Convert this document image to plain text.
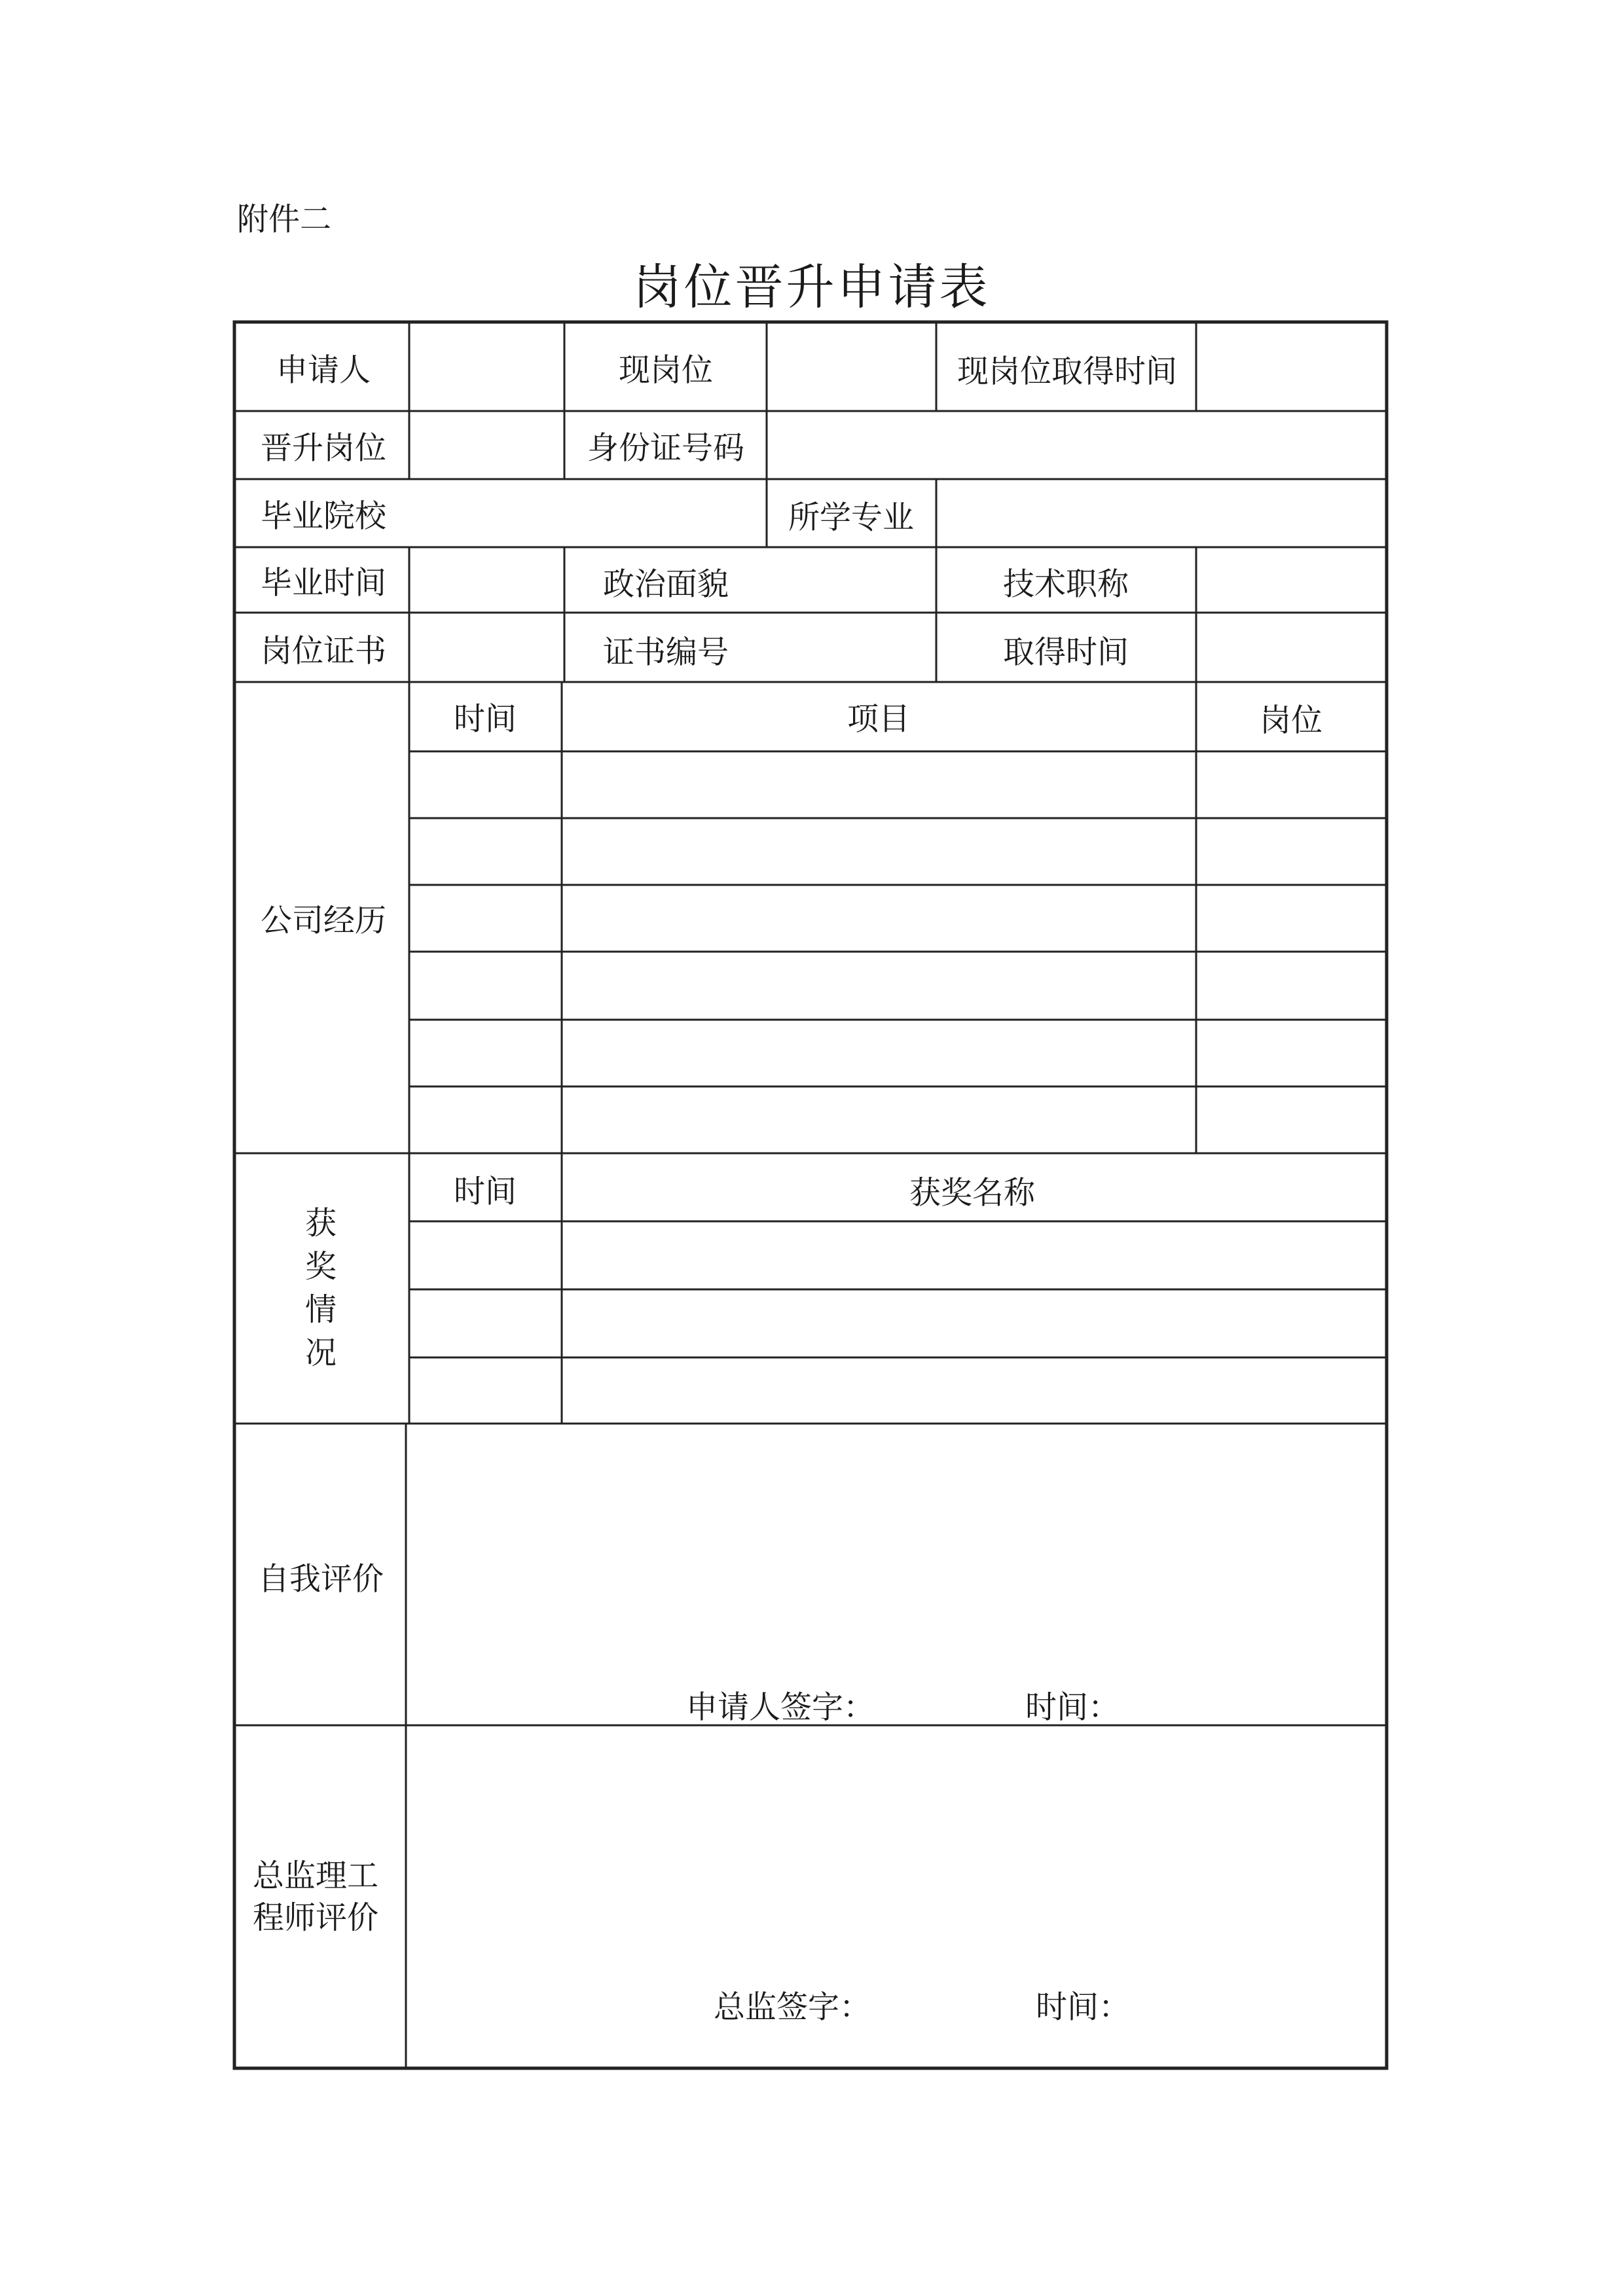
附件二
岗位晋升申请表
申请人	现岗位	现岗位取得时间
晋升岗位	身份证号码
毕业院校	所学专业
毕业时间	政治面貌	技术职称
岗位证书	证书编号	取得时间
公司经历
时间	项目	岗位
获
奖
情
况
时间	获奖名称
自我评价
申请人签字：	时间：
总监理工
程师评价
总监签字：	时间：
